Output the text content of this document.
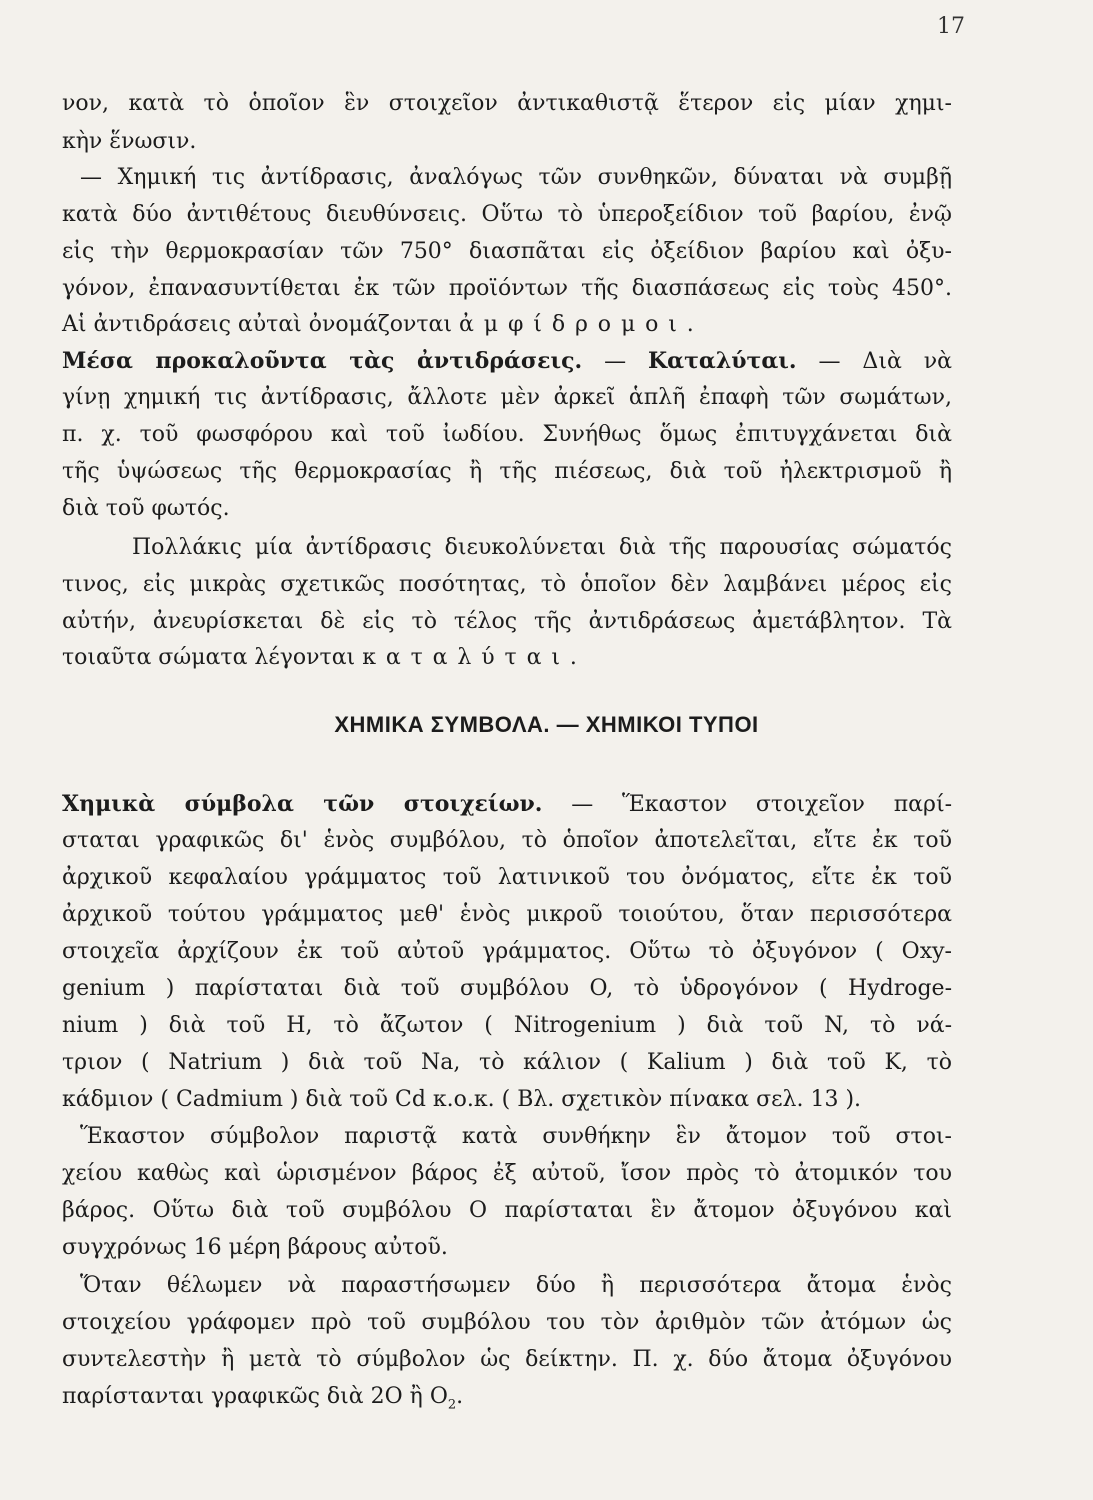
17
νον, κατὰ τὸ ὁποῖον ἓν στοιχεῖον ἀντικαθιστᾷ ἕτερον εἰς μίαν χημι-
κὴν ἕνωσιν.
— Χημική τις ἀντίδρασις, ἀναλόγως τῶν συνθηκῶν, δύναται νὰ συμβῇ
κατὰ δύο ἀντιθέτους διευθύνσεις. Οὕτω τὸ ὑπεροξείδιον τοῦ βαρίου, ἐνῷ
εἰς τὴν θερμοκρασίαν τῶν 750° διασπᾶται εἰς ὀξείδιον βαρίου καὶ ὀξυ-
γόνον, ἐπανασυντίθεται ἐκ τῶν προϊόντων τῆς διασπάσεως εἰς τοὺς 450°.
Αἱ ἀντιδράσεις αὐταὶ ὀνομάζονται ἀμφίδρομοι.
Μέσα προκαλοῦντα τὰς ἀντιδράσεις. — Καταλύται. — Διὰ νὰ
γίνῃ χημική τις ἀντίδρασις, ἄλλοτε μὲν ἀρκεῖ ἁπλῆ ἐπαφὴ τῶν σωμάτων,
π. χ. τοῦ φωσφόρου καὶ τοῦ ἰωδίου. Συνήθως ὅμως ἐπιτυγχάνεται διὰ
τῆς ὑψώσεως τῆς θερμοκρασίας ἢ τῆς πιέσεως, διὰ τοῦ ἠλεκτρισμοῦ ἢ
διὰ τοῦ φωτός.
Πολλάκις μία ἀντίδρασις διευκολύνεται διὰ τῆς παρουσίας σώματός
τινος, εἰς μικρὰς σχετικῶς ποσότητας, τὸ ὁποῖον δὲν λαμβάνει μέρος εἰς
αὐτήν, ἀνευρίσκεται δὲ εἰς τὸ τέλος τῆς ἀντιδράσεως ἀμετάβλητον. Τὰ
τοιαῦτα σώματα λέγονται καταλύται.
ΧΗΜΙΚΑ ΣΥΜΒΟΛΑ. — ΧΗΜΙΚΟΙ ΤΥΠΟΙ
Χημικὰ σύμβολα τῶν στοιχείων. — Ἕκαστον στοιχεῖον παρί-
σταται γραφικῶς δι' ἑνὸς συμβόλου, τὸ ὁποῖον ἀποτελεῖται, εἴτε ἐκ τοῦ
ἀρχικοῦ κεφαλαίου γράμματος τοῦ λατινικοῦ του ὀνόματος, εἴτε ἐκ τοῦ
ἀρχικοῦ τούτου γράμματος μεθ' ἑνὸς μικροῦ τοιούτου, ὅταν περισσότερα
στοιχεῖα ἀρχίζουν ἐκ τοῦ αὐτοῦ γράμματος. Οὕτω τὸ ὀξυγόνον ( Oxy-
genium ) παρίσταται διὰ τοῦ συμβόλου O, τὸ ὑδρογόνον ( Hydroge-
nium ) διὰ τοῦ H, τὸ ἄζωτον ( Nitrogenium ) διὰ τοῦ N, τὸ νά-
τριον ( Natrium ) διὰ τοῦ Na, τὸ κάλιον ( Kalium ) διὰ τοῦ K, τὸ
κάδμιον ( Cadmium ) διὰ τοῦ Cd κ.ο.κ. ( Βλ. σχετικὸν πίνακα σελ. 13 ).
Ἕκαστον σύμβολον παριστᾷ κατὰ συνθήκην ἓν ἄτομον τοῦ στοι-
χείου καθὼς καὶ ὡρισμένον βάρος ἐξ αὐτοῦ, ἴσον πρὸς τὸ ἀτομικόν του
βάρος. Οὕτω διὰ τοῦ συμβόλου O παρίσταται ἓν ἄτομον ὀξυγόνου καὶ
συγχρόνως 16 μέρη βάρους αὐτοῦ.
Ὅταν θέλωμεν νὰ παραστήσωμεν δύο ἢ περισσότερα ἄτομα ἑνὸς
στοιχείου γράφομεν πρὸ τοῦ συμβόλου του τὸν ἀριθμὸν τῶν ἀτόμων ὡς
συντελεστὴν ἢ μετὰ τὸ σύμβολον ὡς δείκτην. Π. χ. δύο ἄτομα ὀξυγόνου
παρίστανται γραφικῶς διὰ 2O ἢ $O_2$.
